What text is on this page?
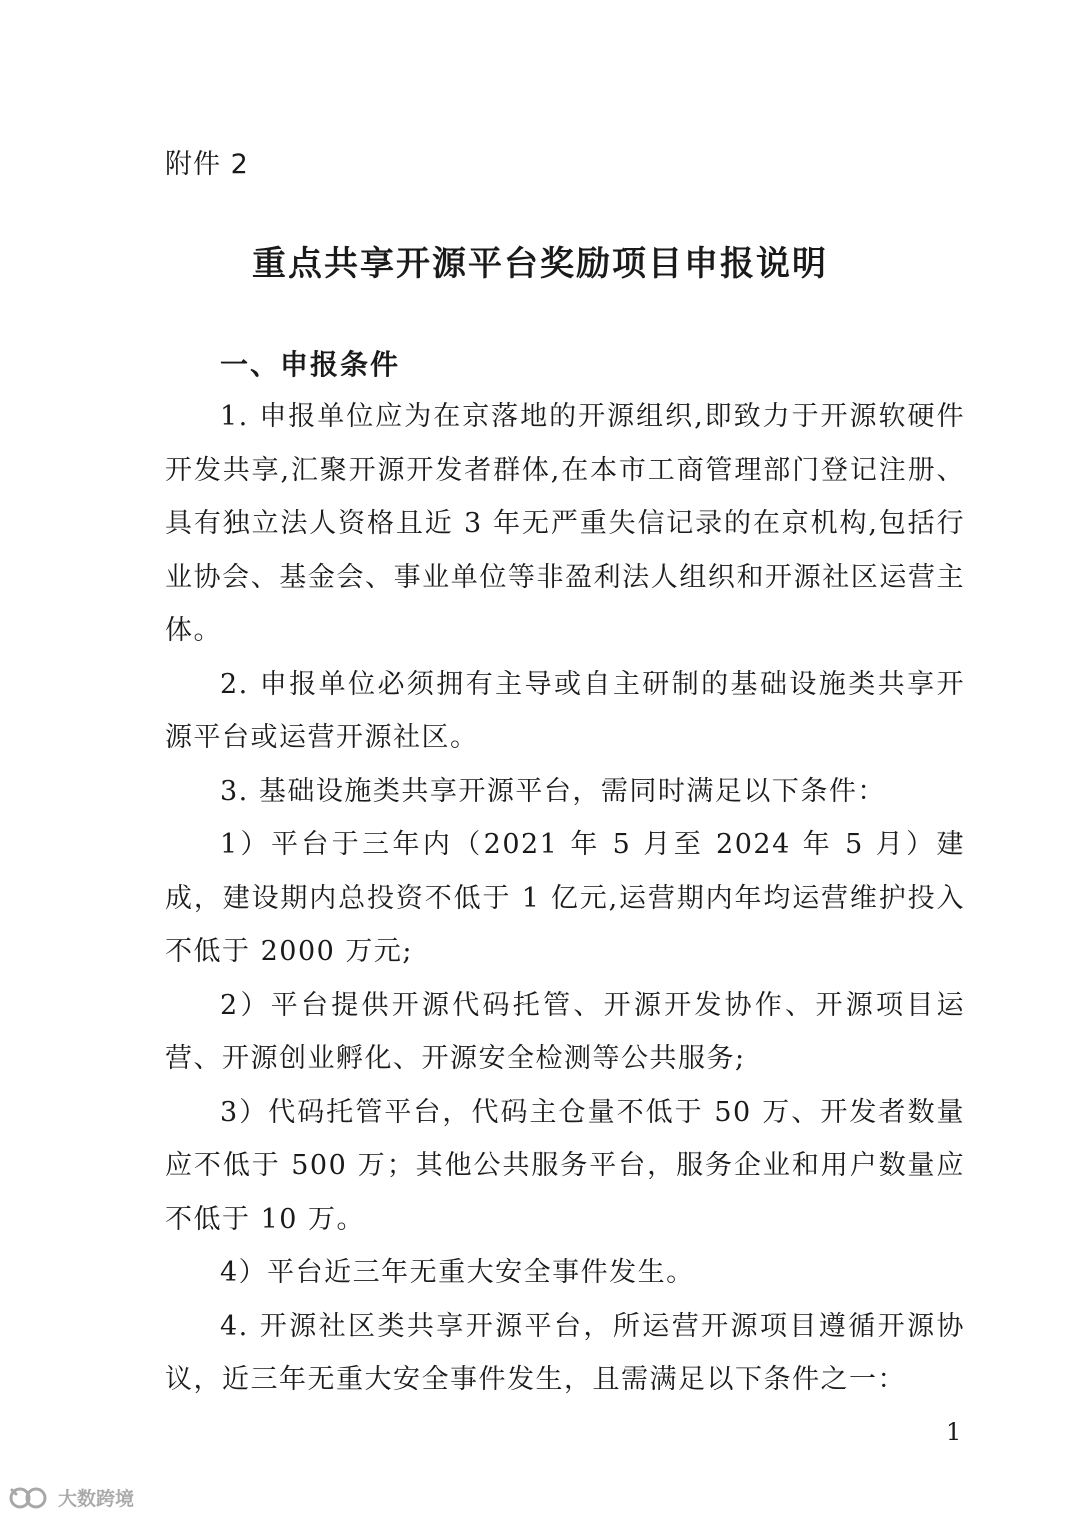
附件 2
重点共享开源平台奖励项目申报说明
一、申报条件

1. 申报单位应为在京落地的开源组织,即致力于开源软硬件开发共享,汇聚开源开发者群体,在本市工商管理部门登记注册、具有独立法人资格且近 3 年无严重失信记录的在京机构,包括行业协会、基金会、事业单位等非盈利法人组织和开源社区运营主体。

2. 申报单位必须拥有主导或自主研制的基础设施类共享开源平台或运营开源社区。

3. 基础设施类共享开源平台，需同时满足以下条件：

1）平台于三年内（2021 年 5 月至 2024 年 5 月）建成，建设期内总投资不低于 1 亿元,运营期内年均运营维护投入不低于 2000 万元;

2）平台提供开源代码托管、开源开发协作、开源项目运营、开源创业孵化、开源安全检测等公共服务;

3）代码托管平台，代码主仓量不低于 50 万、开发者数量应不低于 500 万；其他公共服务平台，服务企业和用户数量应不低于 10 万。

4）平台近三年无重大安全事件发生。

4. 开源社区类共享开源平台，所运营开源项目遵循开源协议，近三年无重大安全事件发生，且需满足以下条件之一：

1
大数跨境
